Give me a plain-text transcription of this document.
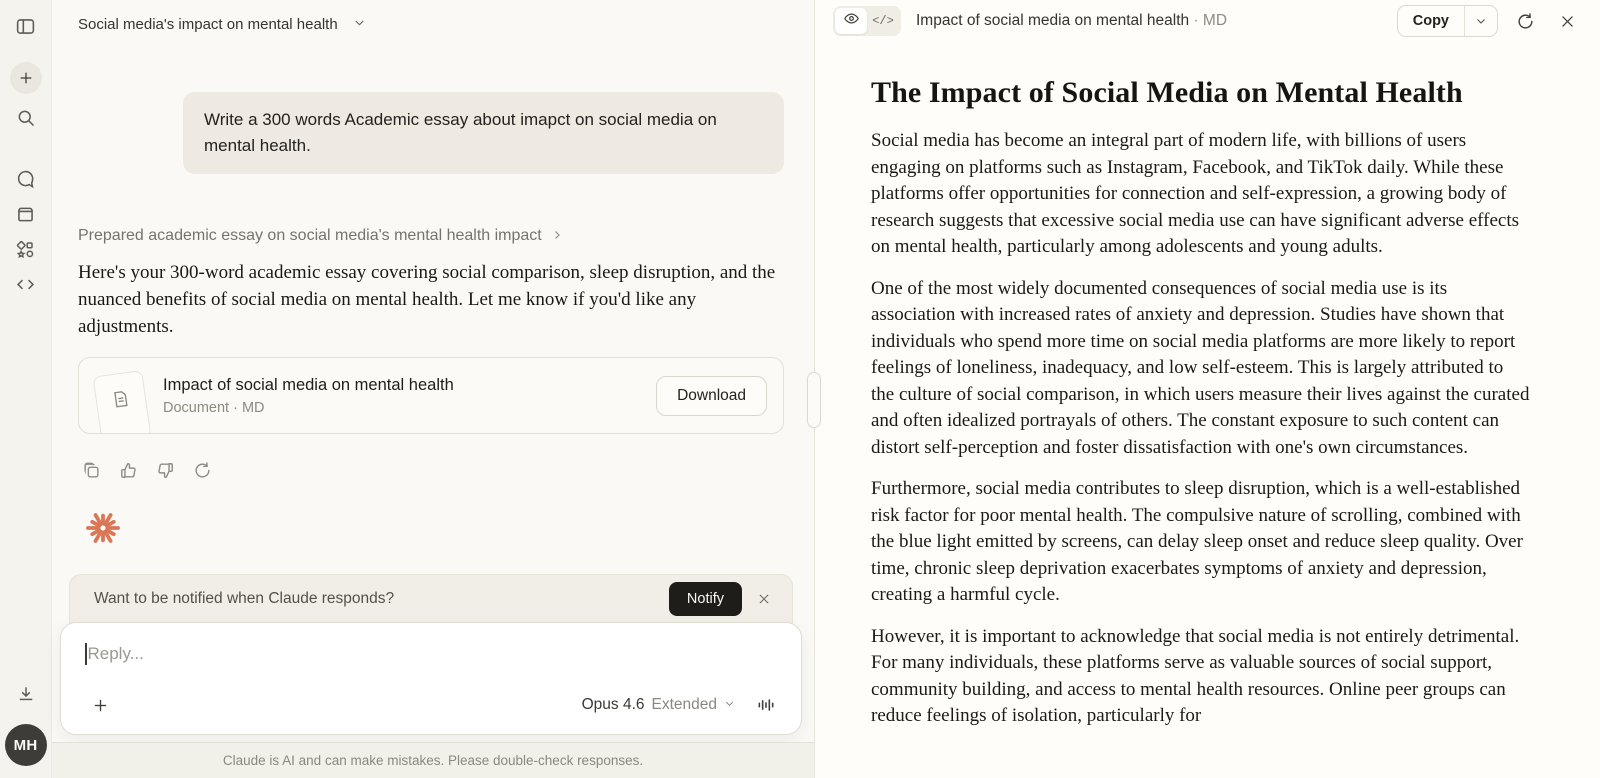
MH
Social media's impact on mental health
Write a 300 words Academic essay about imapct on social media on mental health.
Prepared academic essay on social media's mental health impact
Here's your 300-word academic essay covering social comparison, sleep disruption, and the nuanced benefits of social media on mental health. Let me know if you'd like any adjustments.
Impact of social media on mental health
Document · MD
Download
Want to be notified when Claude responds?	Notify
Reply...
Opus 4.6 Extended
Claude is AI and can make mistakes. Please double-check responses.
</> Impact of social media on mental health · MD	Copy
The Impact of Social Media on Mental Health

Social media has become an integral part of modern life, with billions of users engaging on platforms such as Instagram, Facebook, and TikTok daily. While these platforms offer opportunities for connection and self-expression, a growing body of research suggests that excessive social media use can have significant adverse effects on mental health, particularly among adolescents and young adults.

One of the most widely documented consequences of social media use is its association with increased rates of anxiety and depression. Studies have shown that individuals who spend more time on social media platforms are more likely to report feelings of loneliness, inadequacy, and low self-esteem. This is largely attributed to the culture of social comparison, in which users measure their lives against the curated and often idealized portrayals of others. The constant exposure to such content can distort self-perception and foster dissatisfaction with one's own circumstances.

Furthermore, social media contributes to sleep disruption, which is a well-established risk factor for poor mental health. The compulsive nature of scrolling, combined with the blue light emitted by screens, can delay sleep onset and reduce sleep quality. Over time, chronic sleep deprivation exacerbates symptoms of anxiety and depression, creating a harmful cycle.

However, it is important to acknowledge that social media is not entirely detrimental. For many individuals, these platforms serve as valuable sources of social support, community building, and access to mental health resources. Online peer groups can reduce feelings of isolation, particularly for
